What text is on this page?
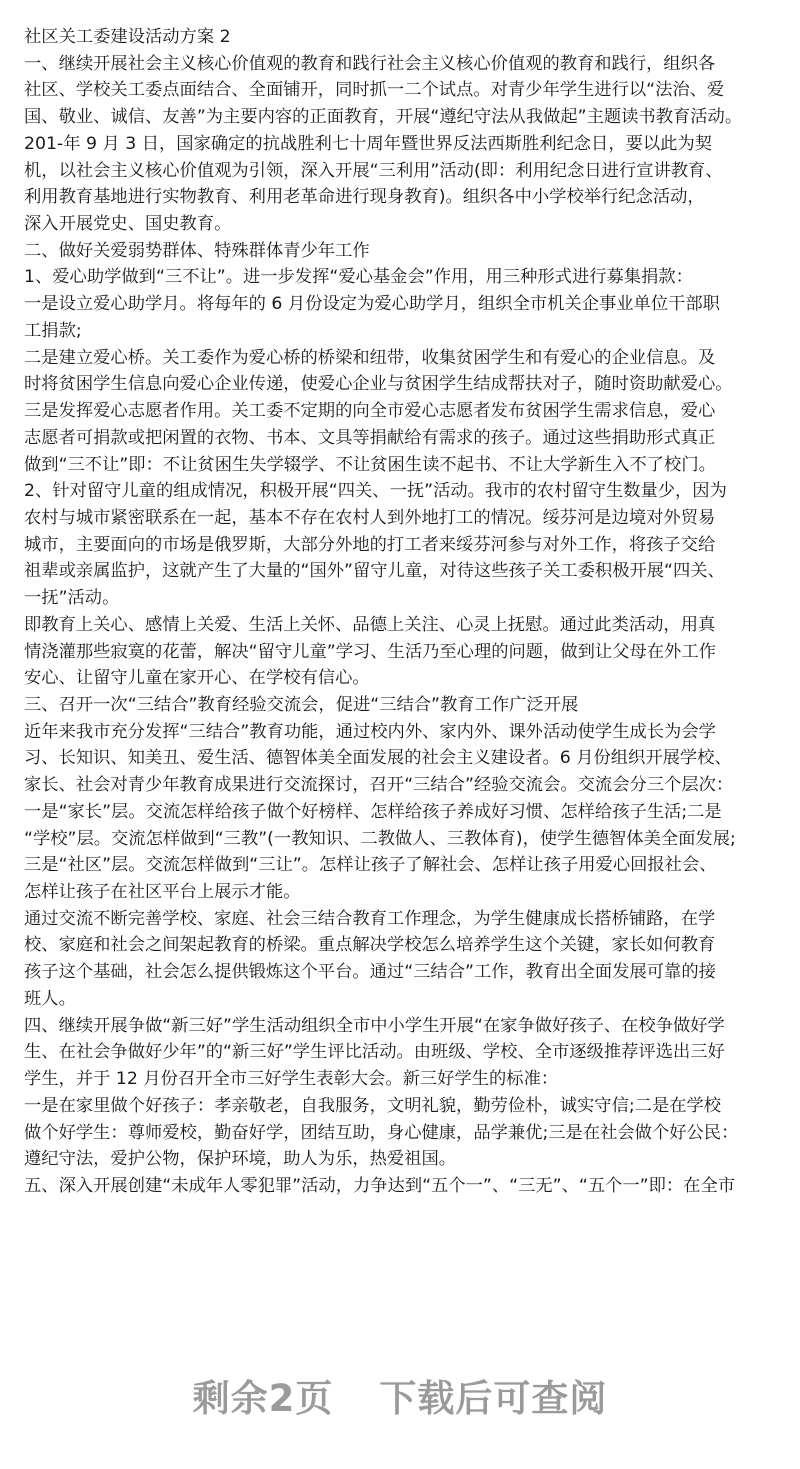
社区关工委建设活动方案 2
一、继续开展社会主义核心价值观的教育和践行社会主义核心价值观的教育和践行，组织各
社区、学校关工委点面结合、全面铺开，同时抓一二个试点。对青少年学生进行以“法治、爱
国、敬业、诚信、友善”为主要内容的正面教育，开展“遵纪守法从我做起”主题读书教育活动。
201-年 9 月 3 日，国家确定的抗战胜利七十周年暨世界反法西斯胜利纪念日，要以此为契
机，以社会主义核心价值观为引领，深入开展“三利用”活动(即：利用纪念日进行宣讲教育、
利用教育基地进行实物教育、利用老革命进行现身教育)。组织各中小学校举行纪念活动，
深入开展党史、国史教育。
二、做好关爱弱势群体、特殊群体青少年工作
1、爱心助学做到“三不让”。进一步发挥“爱心基金会”作用，用三种形式进行募集捐款：
一是设立爱心助学月。将每年的 6 月份设定为爱心助学月，组织全市机关企事业单位干部职
工捐款;
二是建立爱心桥。关工委作为爱心桥的桥梁和纽带，收集贫困学生和有爱心的企业信息。及
时将贫困学生信息向爱心企业传递，使爱心企业与贫困学生结成帮扶对子，随时资助献爱心。
三是发挥爱心志愿者作用。关工委不定期的向全市爱心志愿者发布贫困学生需求信息，爱心
志愿者可捐款或把闲置的衣物、书本、文具等捐献给有需求的孩子。通过这些捐助形式真正
做到“三不让”即：不让贫困生失学辍学、不让贫困生读不起书、不让大学新生入不了校门。
2、针对留守儿童的组成情况，积极开展“四关、一抚”活动。我市的农村留守生数量少，因为
农村与城市紧密联系在一起，基本不存在农村人到外地打工的情况。绥芬河是边境对外贸易
城市，主要面向的市场是俄罗斯，大部分外地的打工者来绥芬河参与对外工作，将孩子交给
祖辈或亲属监护，这就产生了大量的“国外”留守儿童，对待这些孩子关工委积极开展“四关、
一抚”活动。
即教育上关心、感情上关爱、生活上关怀、品德上关注、心灵上抚慰。通过此类活动，用真
情浇灌那些寂寞的花蕾，解决“留守儿童”学习、生活乃至心理的问题，做到让父母在外工作
安心、让留守儿童在家开心、在学校有信心。
三、召开一次“三结合”教育经验交流会，促进“三结合”教育工作广泛开展
近年来我市充分发挥“三结合”教育功能，通过校内外、家内外、课外活动使学生成长为会学
习、长知识、知美丑、爱生活、德智体美全面发展的社会主义建设者。6 月份组织开展学校、
家长、社会对青少年教育成果进行交流探讨，召开“三结合”经验交流会。交流会分三个层次：
一是“家长”层。交流怎样给孩子做个好榜样、怎样给孩子养成好习惯、怎样给孩子生活;二是
“学校”层。交流怎样做到“三教”(一教知识、二教做人、三教体育)，使学生德智体美全面发展;
三是“社区”层。交流怎样做到“三让”。怎样让孩子了解社会、怎样让孩子用爱心回报社会、
怎样让孩子在社区平台上展示才能。
通过交流不断完善学校、家庭、社会三结合教育工作理念，为学生健康成长搭桥铺路，在学
校、家庭和社会之间架起教育的桥梁。重点解决学校怎么培养学生这个关键，家长如何教育
孩子这个基础，社会怎么提供锻炼这个平台。通过“三结合”工作，教育出全面发展可靠的接
班人。
四、继续开展争做“新三好”学生活动组织全市中小学生开展“在家争做好孩子、在校争做好学
生、在社会争做好少年”的“新三好”学生评比活动。由班级、学校、全市逐级推荐评选出三好
学生，并于 12 月份召开全市三好学生表彰大会。新三好学生的标准：
一是在家里做个好孩子：孝亲敬老，自我服务，文明礼貌，勤劳俭朴，诚实守信;二是在学校
做个好学生：尊师爱校，勤奋好学，团结互助，身心健康，品学兼优;三是在社会做个好公民：
遵纪守法，爱护公物，保护环境，助人为乐，热爱祖国。
五、深入开展创建“未成年人零犯罪”活动，力争达到“五个一”、“三无”、“五个一”即：在全市
剩余2页 下载后可查阅
